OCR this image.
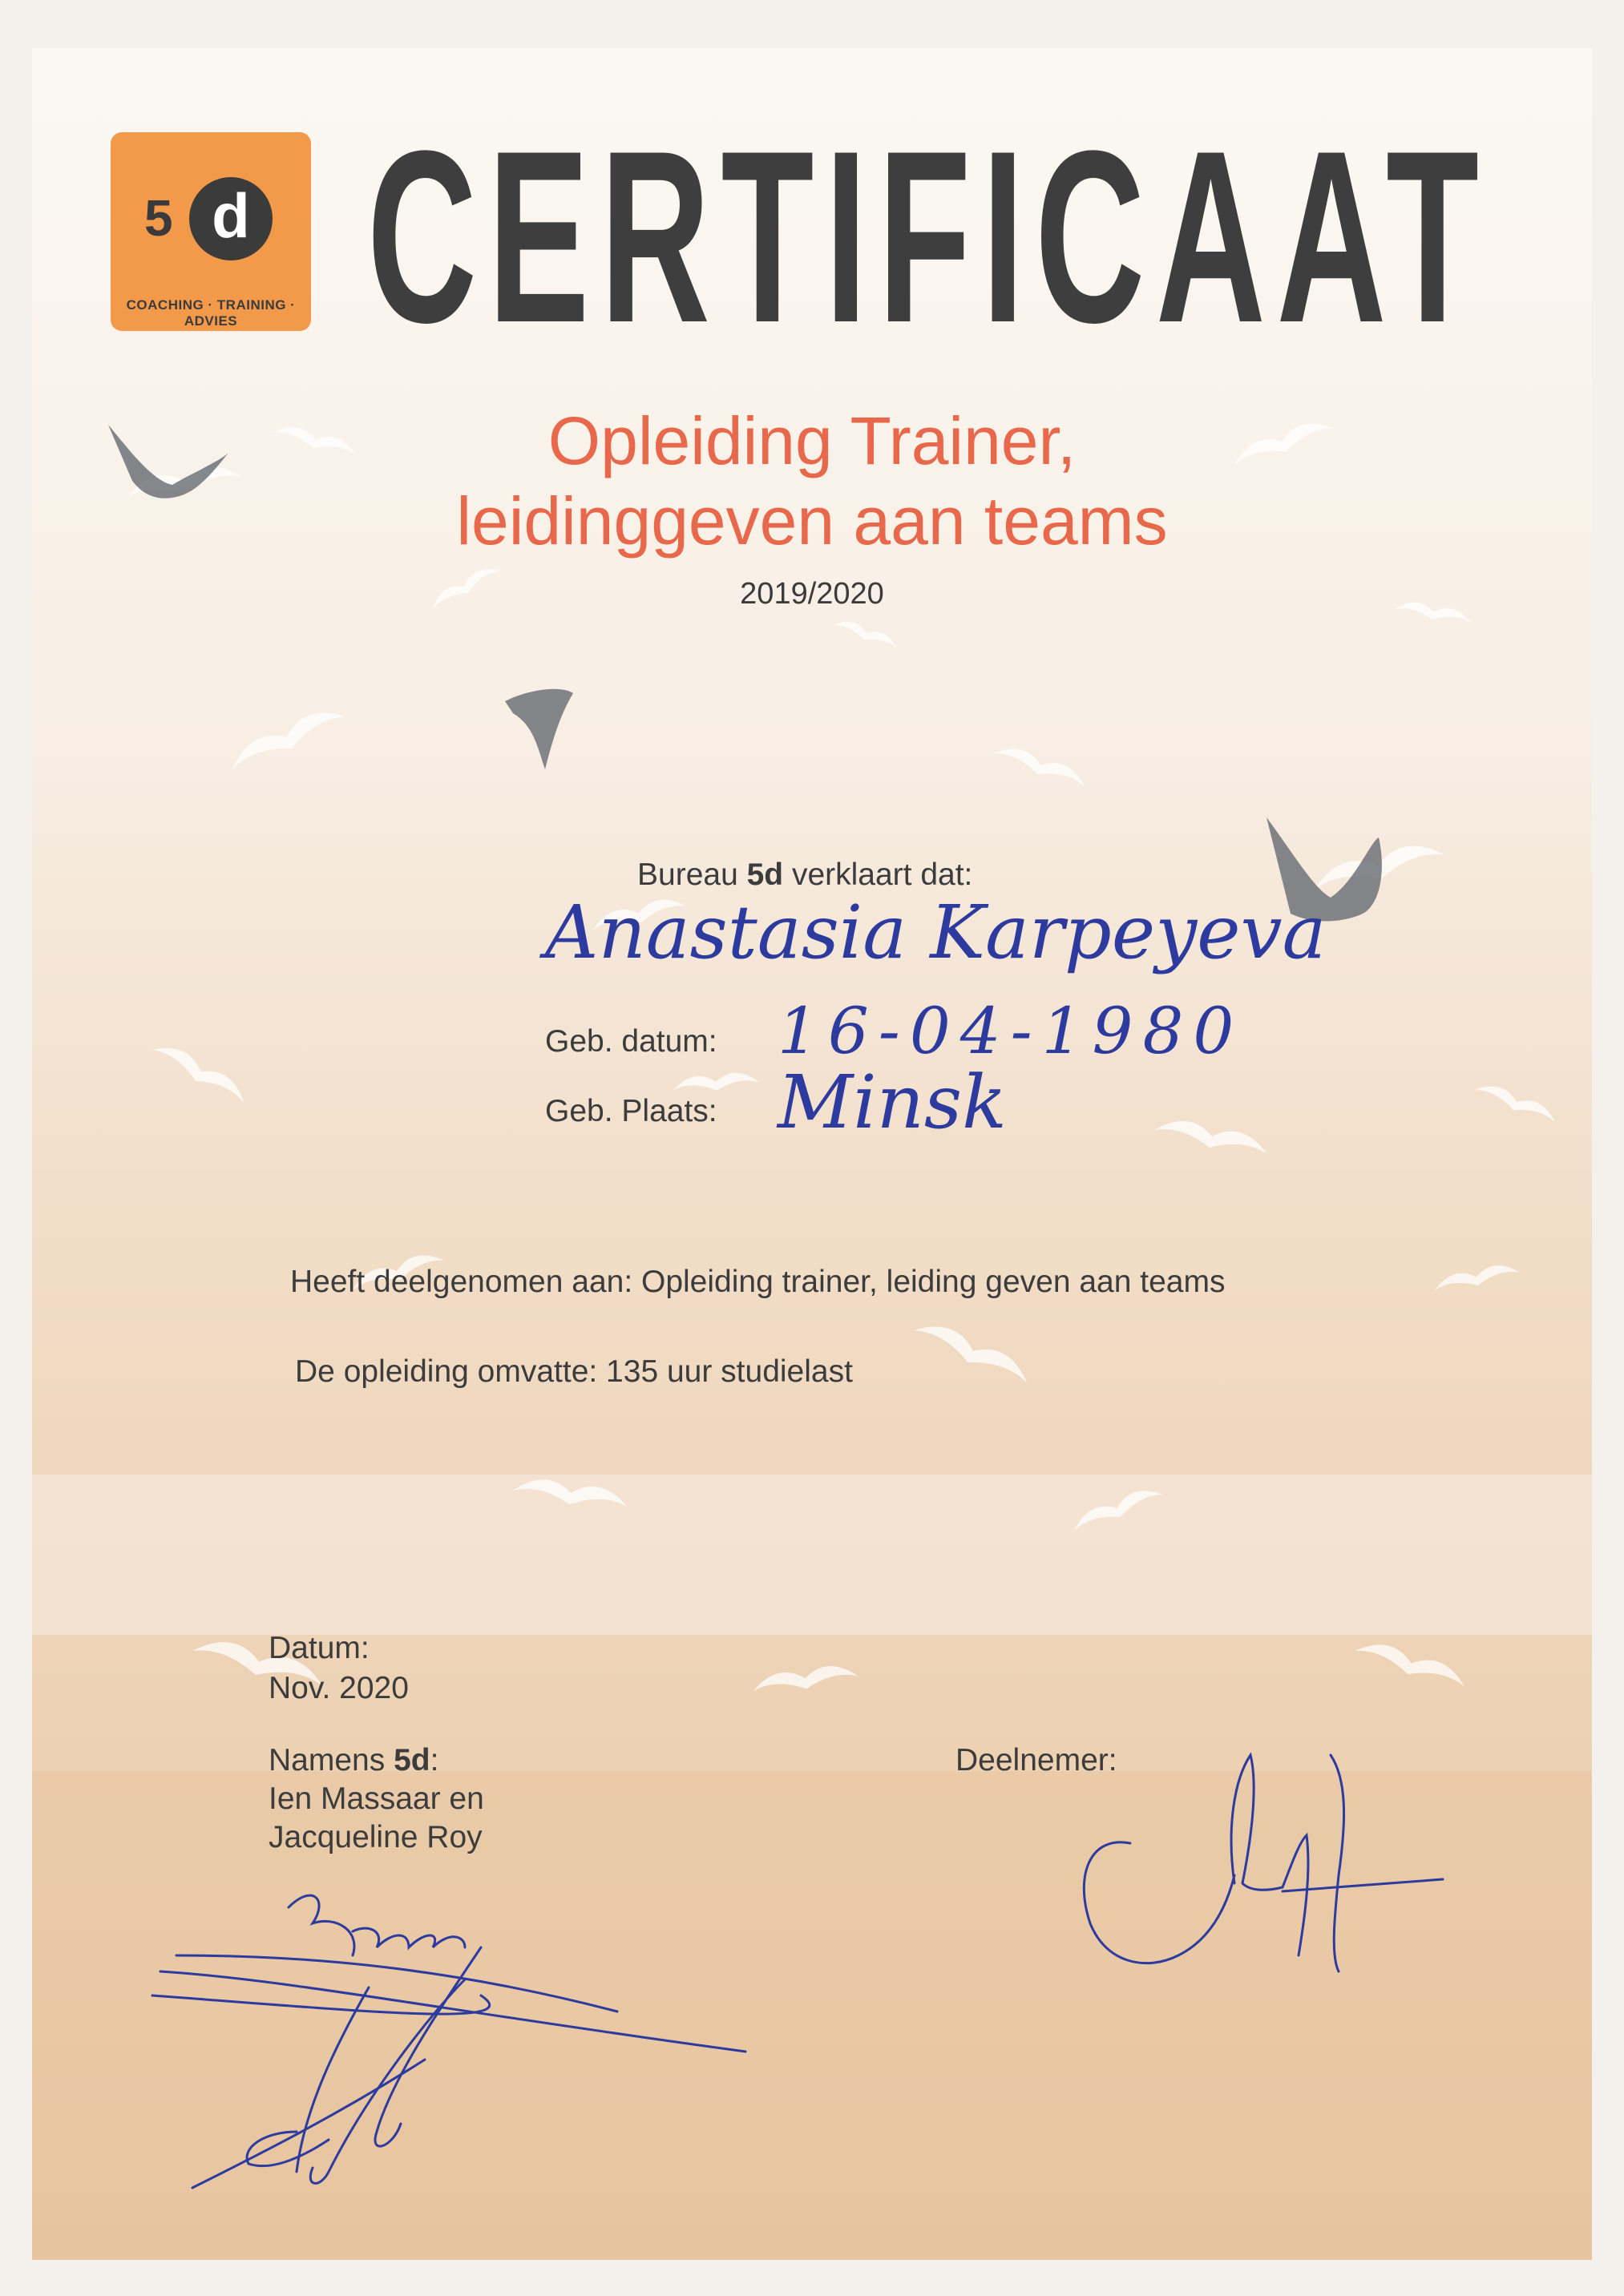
5 d
COACHING · TRAINING · ADVIES CERTIFICAAT
Opleiding Trainer,
leidinggeven aan teams
2019/2020
Bureau 5d verklaart dat:
Anastasia Karpeyeva
Geb. datum: 16-04-1980
Geb. Plaats: Minsk
Heeft deelgenomen aan: Opleiding trainer, leiding geven aan teams
De opleiding omvatte: 135 uur studielast
Datum:
Nov. 2020
Namens 5d:
Ien Massaar en
Jacqueline Roy
Deelnemer:
